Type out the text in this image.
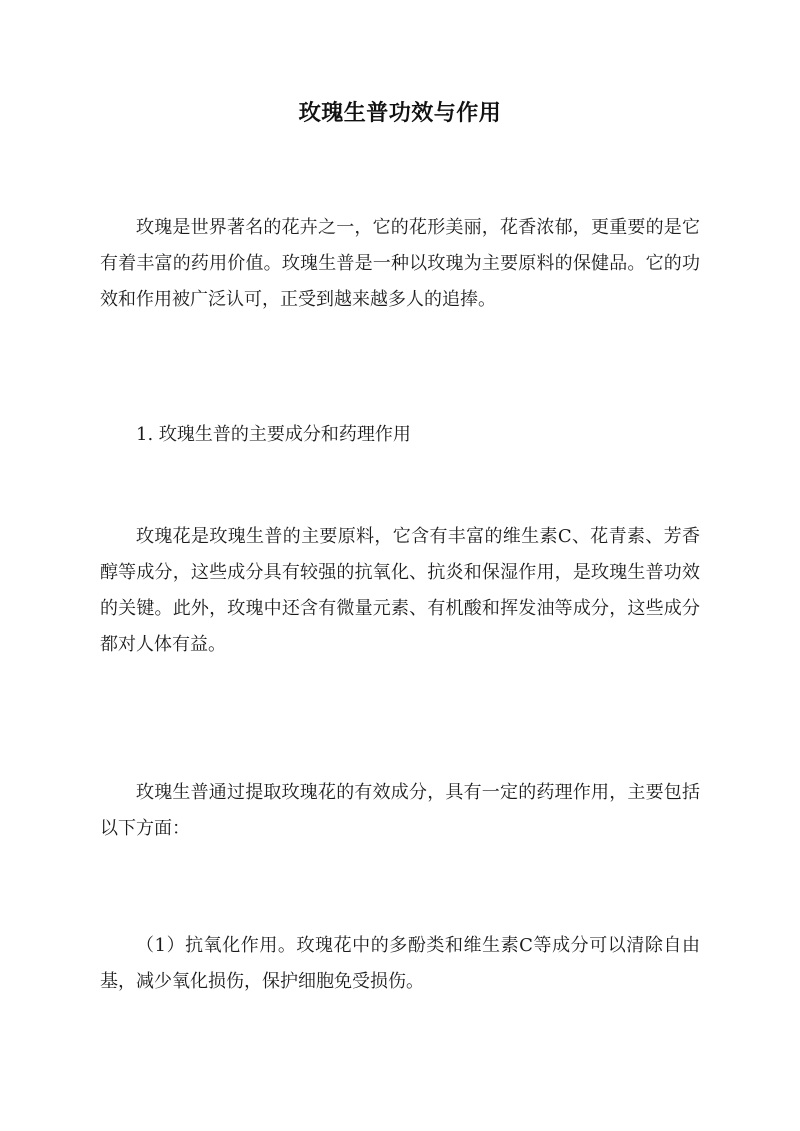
玫瑰生普功效与作用

玫瑰是世界著名的花卉之一，它的花形美丽，花香浓郁，更重要的是它有着丰富的药用价值。玫瑰生普是一种以玫瑰为主要原料的保健品。它的功效和作用被广泛认可，正受到越来越多人的追捧。

1. 玫瑰生普的主要成分和药理作用

玫瑰花是玫瑰生普的主要原料，它含有丰富的维生素C、花青素、芳香醇等成分，这些成分具有较强的抗氧化、抗炎和保湿作用，是玫瑰生普功效的关键。此外，玫瑰中还含有微量元素、有机酸和挥发油等成分，这些成分都对人体有益。

玫瑰生普通过提取玫瑰花的有效成分，具有一定的药理作用，主要包括以下方面：

（1）抗氧化作用。玫瑰花中的多酚类和维生素C等成分可以清除自由基，减少氧化损伤，保护细胞免受损伤。
